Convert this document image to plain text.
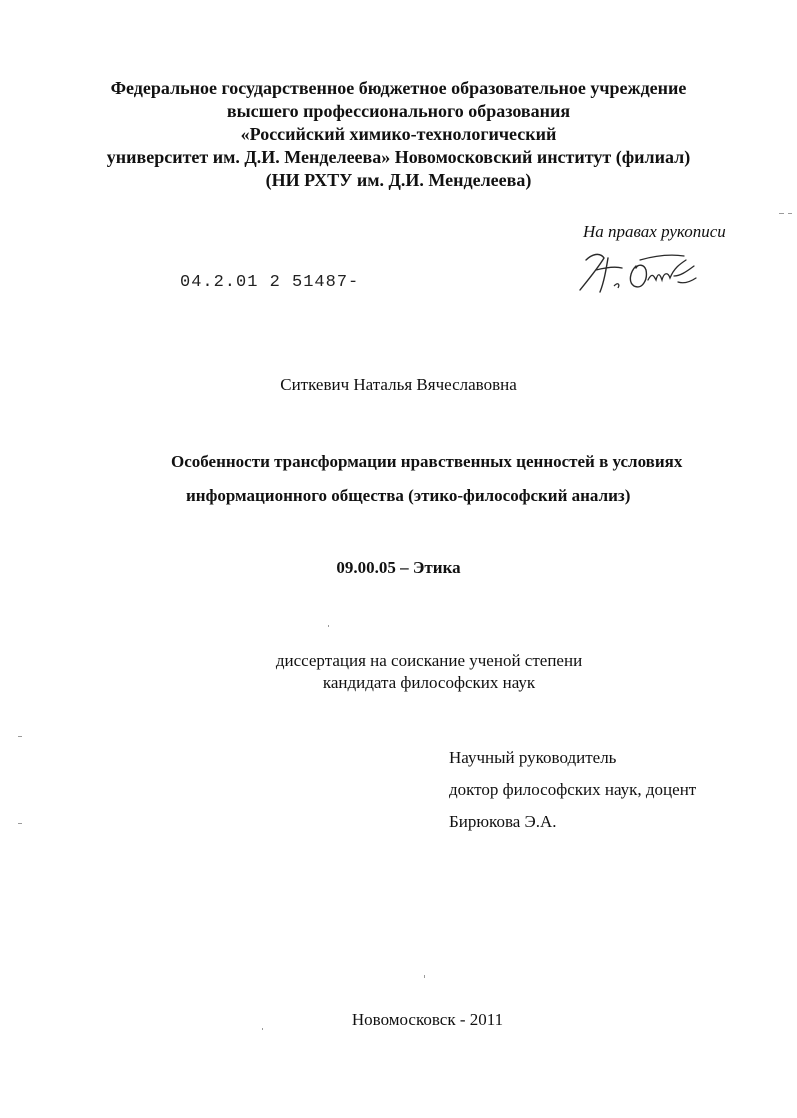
Федеральное государственное бюджетное образовательное учреждение
высшего профессионального образования
«Российский химико-технологический
университет им. Д.И. Менделеева» Новомосковский институт (филиал)
(НИ РХТУ им. Д.И. Менделеева)
На правах рукописи
04.2.01 2 51487-
Ситкевич Наталья Вячеславовна
Особенности трансформации нравственных ценностей в условиях
информационного общества (этико-философский анализ)
09.00.05 – Этика
диссертация на соискание ученой степени
кандидата философских наук
Научный руководитель
доктор философских наук, доцент
Бирюкова Э.А.
Новомосковск - 2011
